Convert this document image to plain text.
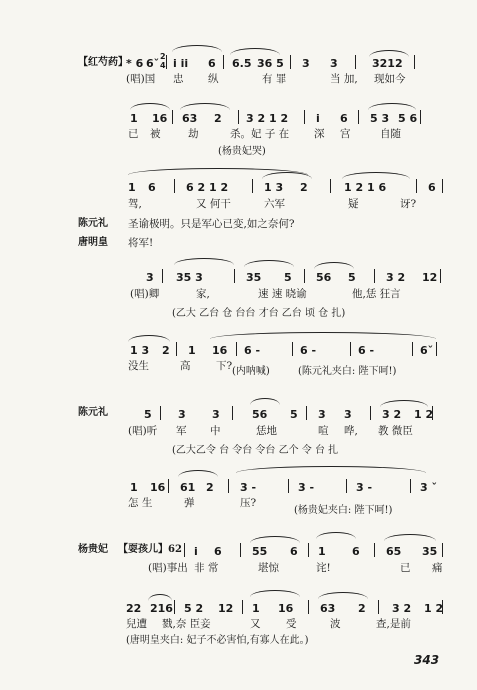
【红芍药】
* 6 6ˇ
2
4 i ii 6 6.5 36 5 3 3	3212
(唱)国 忠 纵	有 罪	当 加, 现如今
1 16 63 2 3 2 1 2	i 6 5 3 5 6
已 被	劫	杀。妃 子 在 深 宫	自随
(杨贵妃哭)
1 6	6 2 1 2	1 3 2	1 2 1 6	6
驾,	又 何干	六军	疑	讶?
陈元礼 圣谕极明。只是军心已变,如之奈何?
唐明皇 将军!
3 35 3	35 5 56 5	3 2 12
(唱)卿	家,	速 速 晓谕	他,恁 狂言
(乙大 乙台 仓 台台 才台 乙台 顷 仓 扎)
1 3 2 1 16 6 -	6 -	6 -	6ˇ
没生	高 下? (内呐喊)	(陈元礼夹白: 陛下呵!)
陈元礼	5 3 3	56 5 3 3	3 2 1 2
(唱)听 军 中	恁地	喧 哗, 教 微臣
(乙大乙令 台 令台 令台 乙个 令 台 扎
1 16 61 2 3 -	3 -	3 -	3 ˇ
怎 生	弹	压?
(杨贵妃夹白: 陛下呵!)
杨贵妃 【耍孩儿】62 i 6	55 6 1 6 65 35
(唱)事出 非 常	堪惊	诧!	已 痛
22 216 5 2 12 1 16 63 2 3 2 1 2
兒遭 戮,奈 臣妾	又 受	波	查,是前
(唐明皇夹白: 妃子不必害怕,有寡人在此。)
343
